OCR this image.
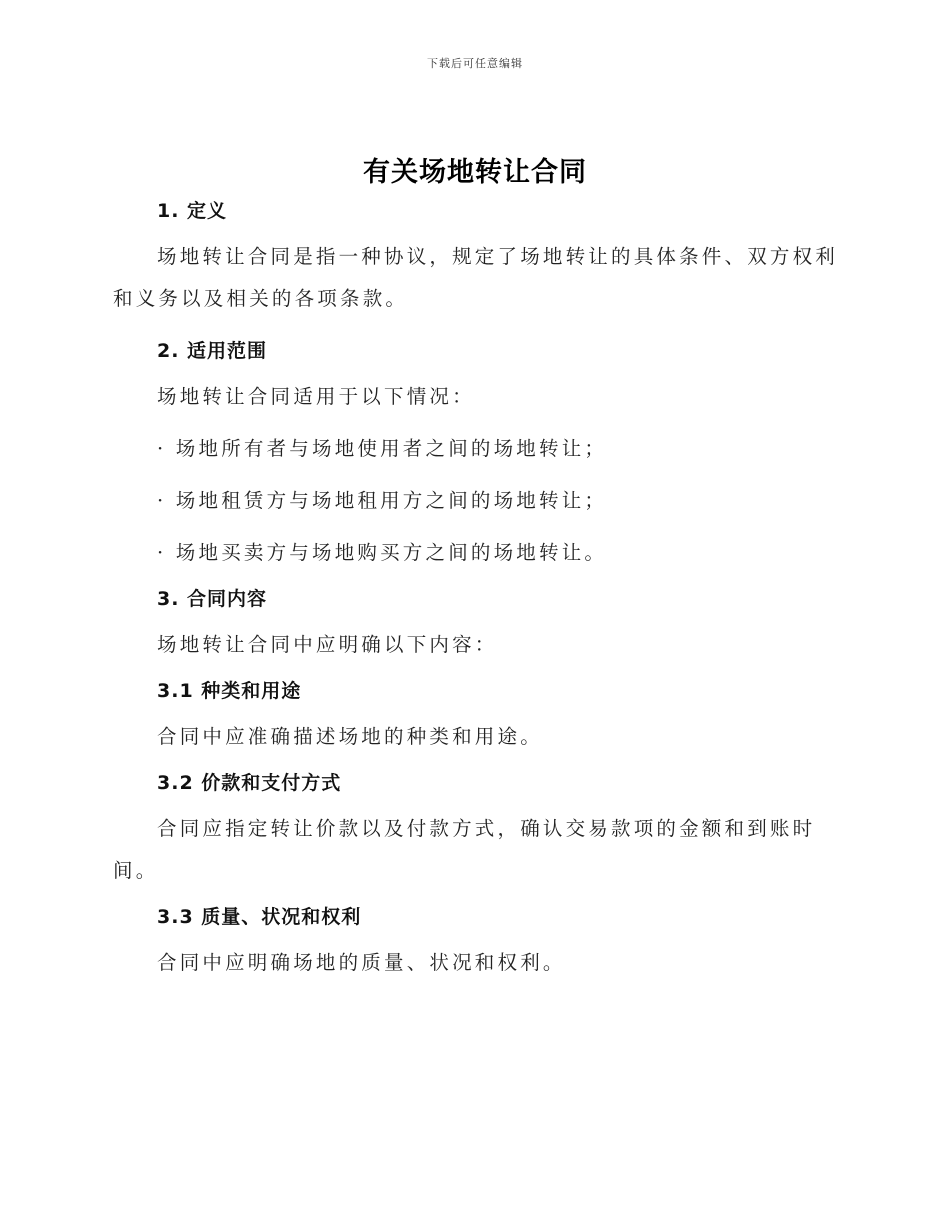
下载后可任意编辑
有关场地转让合同
1. 定义

场地转让合同是指一种协议，规定了场地转让的具体条件、双方权利和义务以及相关的各项条款。

2. 适用范围

场地转让合同适用于以下情况：

· 场地所有者与场地使用者之间的场地转让；

· 场地租赁方与场地租用方之间的场地转让；

· 场地买卖方与场地购买方之间的场地转让。

3. 合同内容

场地转让合同中应明确以下内容：

3.1 种类和用途

合同中应准确描述场地的种类和用途。

3.2 价款和支付方式

合同应指定转让价款以及付款方式，确认交易款项的金额和到账时间。

3.3 质量、状况和权利

合同中应明确场地的质量、状况和权利。
